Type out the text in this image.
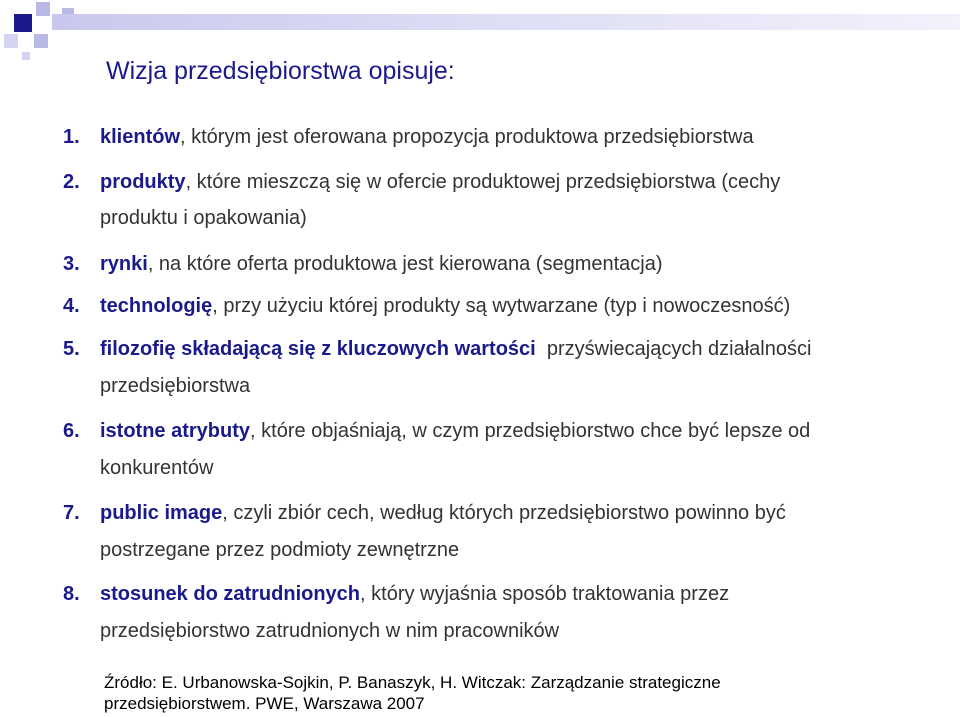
Wizja przedsiębiorstwa opisuje:
1. klientów, którym jest oferowana propozycja produktowa przedsiębiorstwa
2. produkty, które mieszczą się w ofercie produktowej przedsiębiorstwa (cechy
produktu i opakowania)
3. rynki, na które oferta produktowa jest kierowana (segmentacja)
4. technologię, przy użyciu której produkty są wytwarzane (typ i nowoczesność)
5. filozofię składającą się z kluczowych wartości  przyświecających działalności
przedsiębiorstwa
6. istotne atrybuty, które objaśniają, w czym przedsiębiorstwo chce być lepsze od
konkurentów
7. public image, czyli zbiór cech, według których przedsiębiorstwo powinno być
postrzegane przez podmioty zewnętrzne
8. stosunek do zatrudnionych, który wyjaśnia sposób traktowania przez
przedsiębiorstwo zatrudnionych w nim pracowników
Źródło: E. Urbanowska-Sojkin, P. Banaszyk, H. Witczak: Zarządzanie strategiczne
przedsiębiorstwem. PWE, Warszawa 2007
